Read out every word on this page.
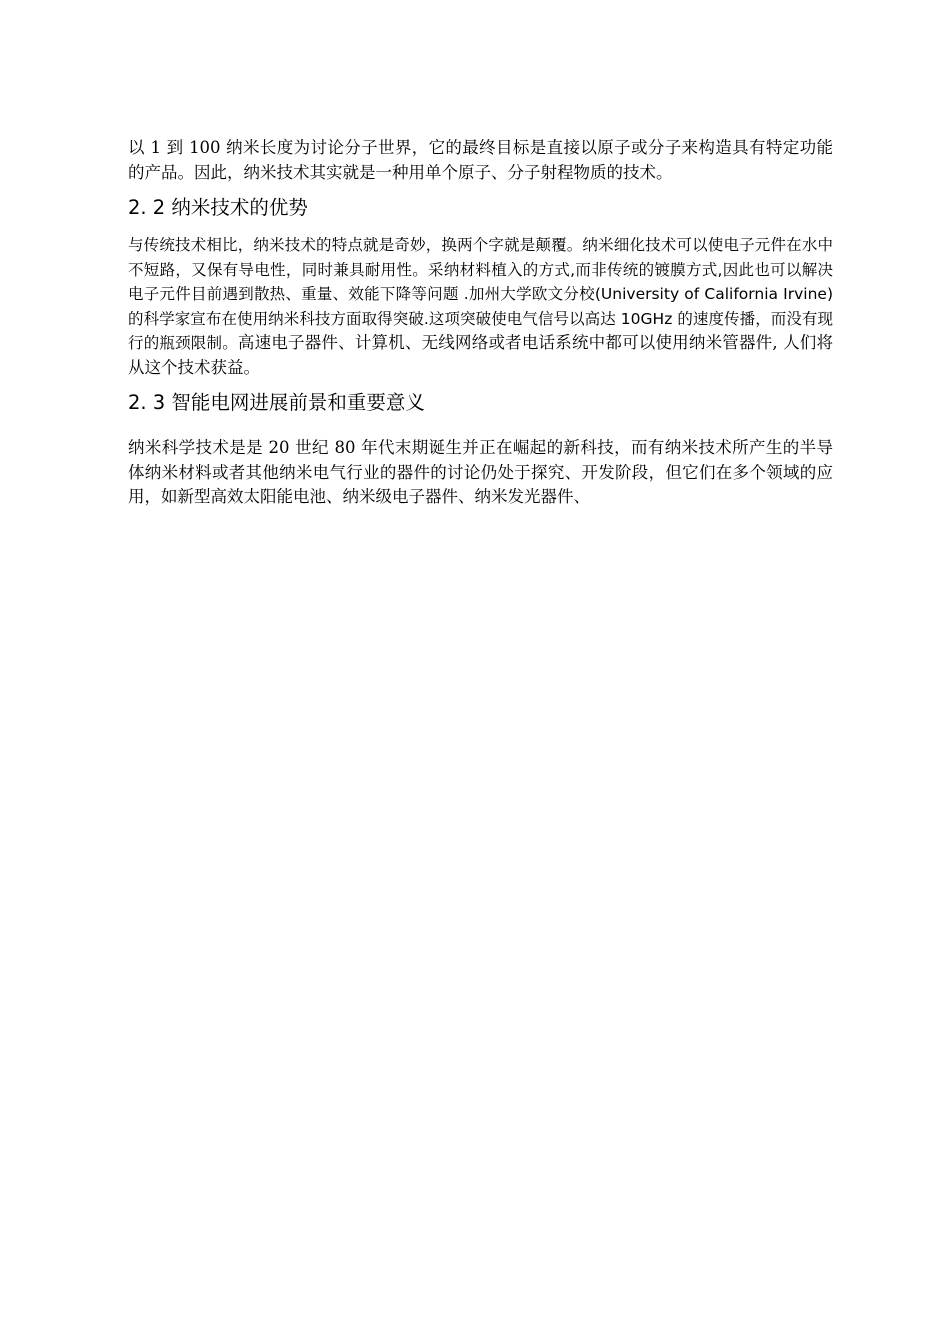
以 1 到 100 纳米长度为讨论分子世界，它的最终目标是直接以原子或分子来构造具有特定功能的产品。因此，纳米技术其实就是一种用单个原子、分子射程物质的技术。

2. 2 纳米技术的优势

与传统技术相比，纳米技术的特点就是奇妙，换两个字就是颠覆。纳米细化技术可以使电子元件在水中不短路，又保有导电性，同时兼具耐用性。采纳材料植入的方式,而非传统的镀膜方式,因此也可以解决电子元件目前遇到散热、重量、效能下降等问题 .加州大学欧文分校(University of California Irvine)的科学家宣布在使用纳米科技方面取得突破.这项突破使电气信号以高达 10GHz 的速度传播，而没有现行的瓶颈限制。高速电子器件、计算机、无线网络或者电话系统中都可以使用纳米管器件, 人们将从这个技术获益。

2. 3 智能电网进展前景和重要意义

纳米科学技术是是 20 世纪 80 年代末期诞生并正在崛起的新科技，而有纳米技术所产生的半导体纳米材料或者其他纳米电气行业的器件的讨论仍处于探究、开发阶段，但它们在多个领域的应用，如新型高效太阳能电池、纳米级电子器件、纳米发光器件、
